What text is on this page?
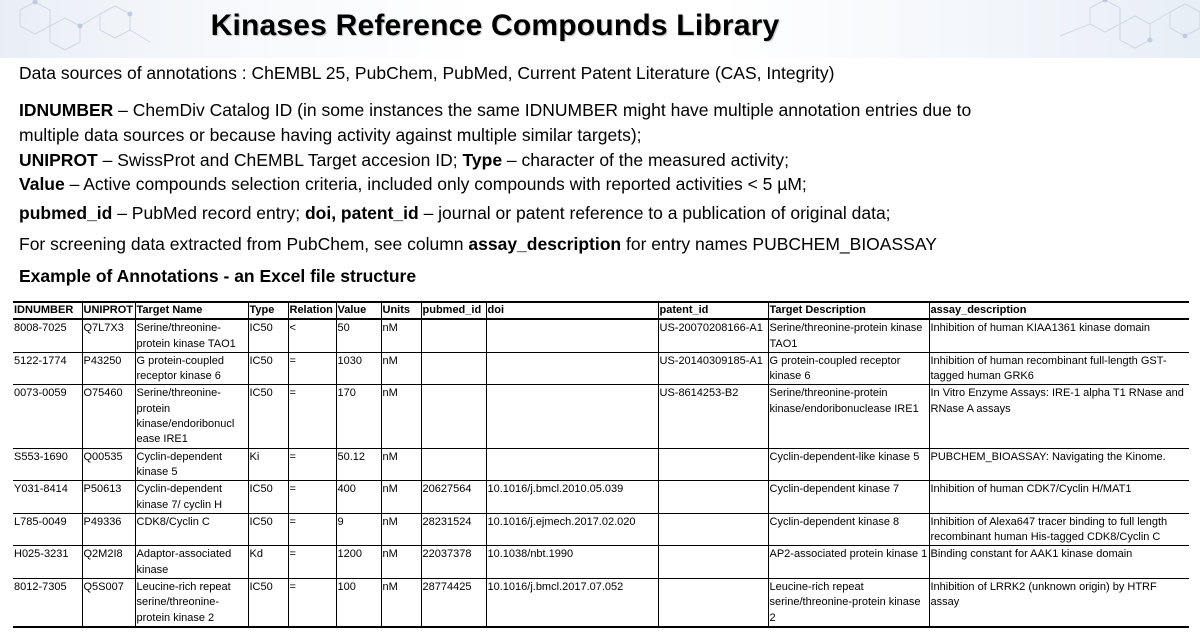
Kinases Reference Compounds Library
Data sources of annotations : ChEMBL 25, PubChem, PubMed, Current Patent Literature (CAS, Integrity)
IDNUMBER – ChemDiv Catalog ID (in some instances the same IDNUMBER might have multiple annotation entries due to
multiple data sources or because having activity against multiple similar targets);
UNIPROT – SwissProt and ChEMBL Target accesion ID; Type – character of the measured activity;
Value – Active compounds selection criteria, included only compounds with reported activities < 5 µM;
pubmed_id – PubMed record entry; doi, patent_id – journal or patent reference to a publication of original data;
For screening data extracted from PubChem, see column assay_description for entry names PUBCHEM_BIOASSAY
Example of Annotations - an Excel file structure
IDNUMBER	UNIPROT	Target Name	Type	Relation	Value	Units	pubmed_id	doi	patent_id	Target Description	assay_description
8008-7025	Q7L7X3	Serine/threonine-protein kinase TAO1	IC50	<	50	nM			US-20070208166-A1	Serine/threonine-protein kinase TAO1	Inhibition of human KIAA1361 kinase domain
5122-1774	P43250	G protein-coupled receptor kinase 6	IC50	=	1030	nM			US-20140309185-A1	G protein-coupled receptor kinase 6	Inhibition of human recombinant full-length GST-tagged human GRK6
0073-0059	O75460	Serine/threonine-protein kinase/endoribonucl ease IRE1	IC50	=	170	nM			US-8614253-B2	Serine/threonine-protein kinase/endoribonuclease IRE1	In Vitro Enzyme Assays: IRE-1 alpha T1 RNase and RNase A assays
S553-1690	Q00535	Cyclin-dependent kinase 5	Ki	=	50.12	nM				Cyclin-dependent-like kinase 5	PUBCHEM_BIOASSAY: Navigating the Kinome.
Y031-8414	P50613	Cyclin-dependent kinase 7/ cyclin H	IC50	=	400	nM	20627564	10.1016/j.bmcl.2010.05.039		Cyclin-dependent kinase 7	Inhibition of human CDK7/Cyclin H/MAT1
L785-0049	P49336	CDK8/Cyclin C	IC50	=	9	nM	28231524	10.1016/j.ejmech.2017.02.020		Cyclin-dependent kinase 8	Inhibition of Alexa647 tracer binding to full length recombinant human His-tagged CDK8/Cyclin C
H025-3231	Q2M2I8	Adaptor-associated kinase	Kd	=	1200	nM	22037378	10.1038/nbt.1990		AP2-associated protein kinase 1	Binding constant for AAK1 kinase domain
8012-7305	Q5S007	Leucine-rich repeat serine/threonine-protein kinase 2	IC50	=	100	nM	28774425	10.1016/j.bmcl.2017.07.052		Leucine-rich repeat serine/threonine-protein kinase 2	Inhibition of LRRK2 (unknown origin) by HTRF assay
